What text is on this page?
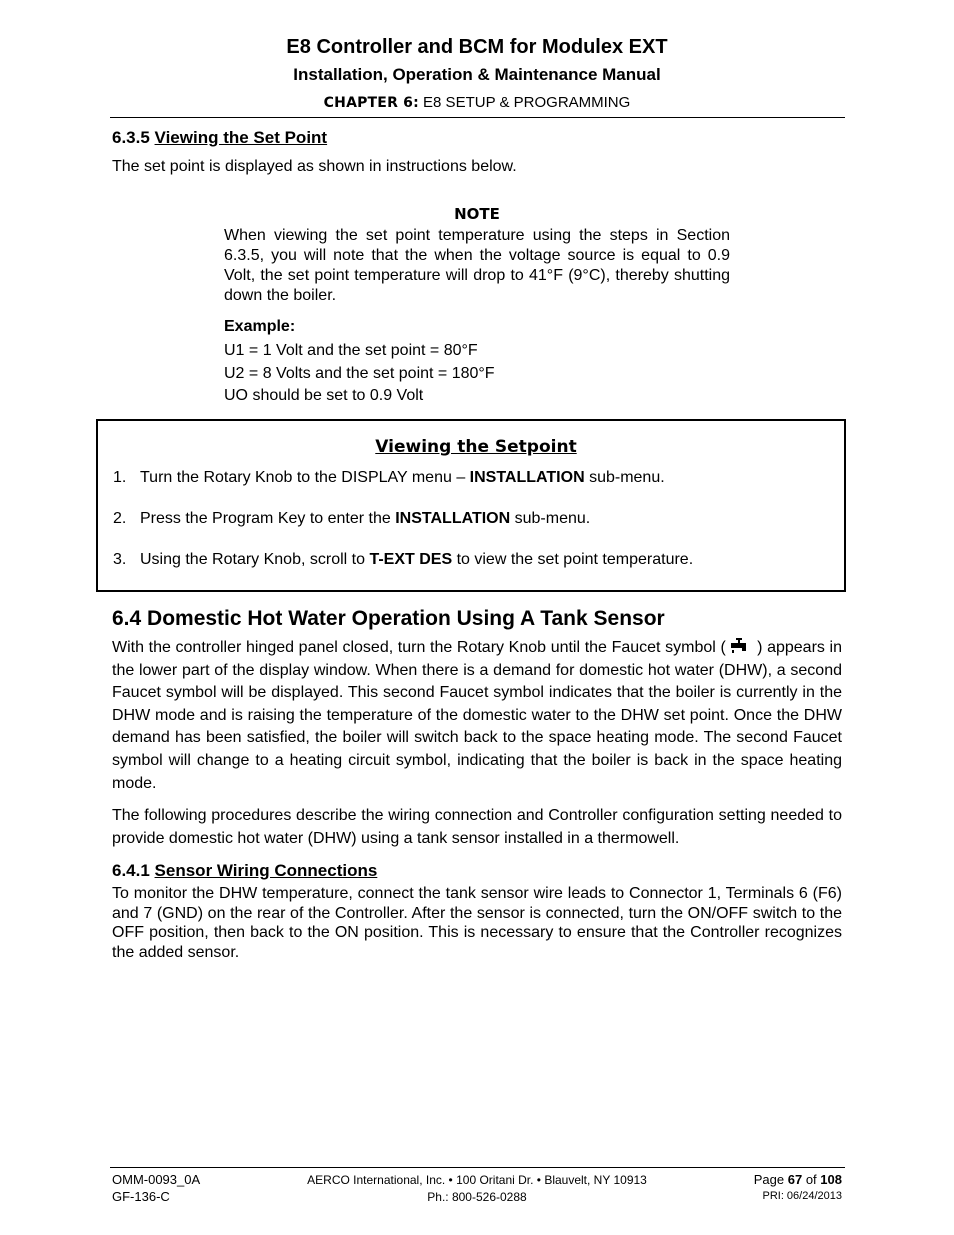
E8 Controller and BCM for Modulex EXT
Installation, Operation & Maintenance Manual
CHAPTER 6: E8 SETUP & PROGRAMMING
6.3.5 Viewing the Set Point
The set point is displayed as shown in instructions below.
NOTE
When viewing the set point temperature using the steps in Section 6.3.5, you will note that the when the voltage source is equal to 0.9 Volt, the set point temperature will drop to 41°F (9°C), thereby shutting down the boiler.
Example:
U1 = 1 Volt and the set point = 80°F
U2 = 8 Volts and the set point = 180°F
UO should be set to 0.9 Volt
Viewing the Setpoint
1. Turn the Rotary Knob to the DISPLAY menu – INSTALLATION sub-menu.
2. Press the Program Key to enter the INSTALLATION sub-menu.
3. Using the Rotary Knob, scroll to T-EXT DES to view the set point temperature.
6.4 Domestic Hot Water Operation Using A Tank Sensor
With the controller hinged panel closed, turn the Rotary Knob until the Faucet symbol ( ) appears in the lower part of the display window. When there is a demand for domestic hot water (DHW), a second Faucet symbol will be displayed. This second Faucet symbol indicates that the boiler is currently in the DHW mode and is raising the temperature of the domestic water to the DHW set point. Once the DHW demand has been satisfied, the boiler will switch back to the space heating mode. The second Faucet symbol will change to a heating circuit symbol, indicating that the boiler is back in the space heating mode.
The following procedures describe the wiring connection and Controller configuration setting needed to provide domestic hot water (DHW) using a tank sensor installed in a thermowell.
6.4.1 Sensor Wiring Connections
To monitor the DHW temperature, connect the tank sensor wire leads to Connector 1, Terminals 6 (F6) and 7 (GND) on the rear of the Controller. After the sensor is connected, turn the ON/OFF switch to the OFF position, then back to the ON position. This is necessary to ensure that the Controller recognizes the added sensor.
OMM-0093_0A
GF-136-C
AERCO International, Inc. • 100 Oritani Dr. • Blauvelt, NY 10913
Ph.: 800-526-0288
Page 67 of 108
PRI: 06/24/2013
